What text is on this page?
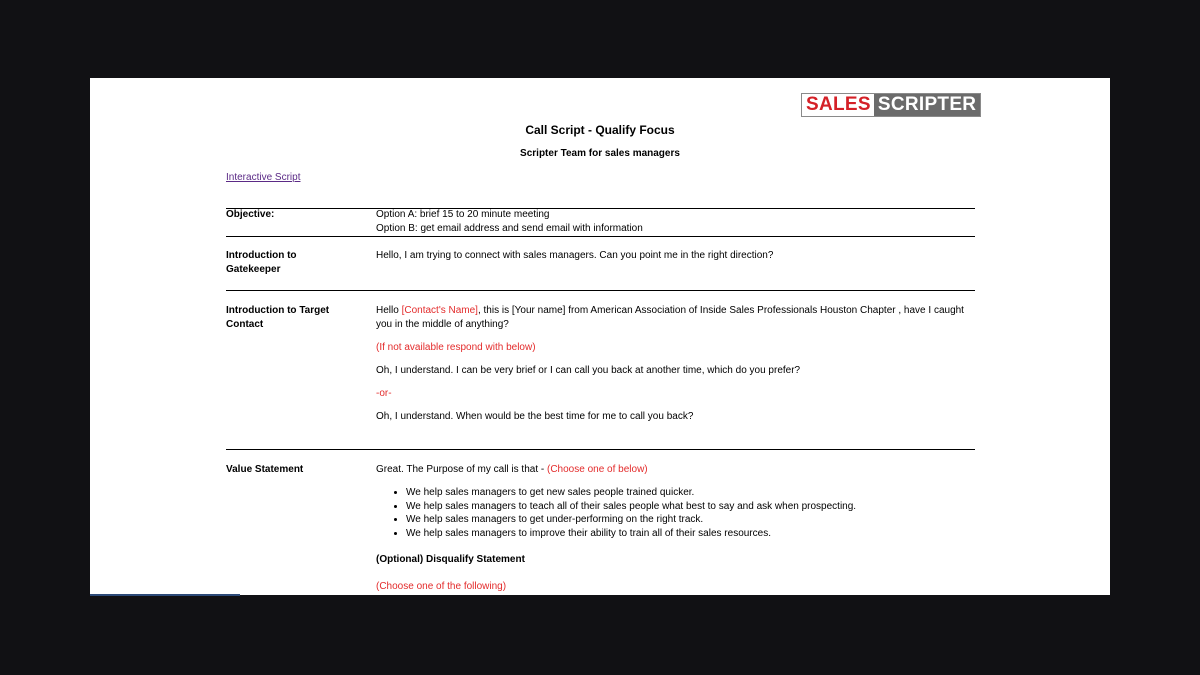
SALES SCRIPTER
Call Script - Qualify Focus
Scripter Team for sales managers
Interactive Script
Objective:	Option A: brief 15 to 20 minute meeting
Option B: get email address and send email with information
Introduction to Gatekeeper
Hello, I am trying to connect with sales managers. Can you point me in the right direction?
Introduction to Target Contact
Hello [Contact's Name], this is [Your name] from American Association of Inside Sales Professionals Houston Chapter , have I caught you in the middle of anything?
(If not available respond with below)
Oh, I understand. I can be very brief or I can call you back at another time, which do you prefer?
-or-
Oh, I understand. When would be the best time for me to call you back?
Value Statement	Great. The Purpose of my call is that - (Choose one of below)
• We help sales managers to get new sales people trained quicker.
• We help sales managers to teach all of their sales people what best to say and ask when prospecting.
• We help sales managers to get under-performing on the right track.
• We help sales managers to improve their ability to train all of their sales resources.
(Optional) Disqualify Statement
(Choose one of the following)
